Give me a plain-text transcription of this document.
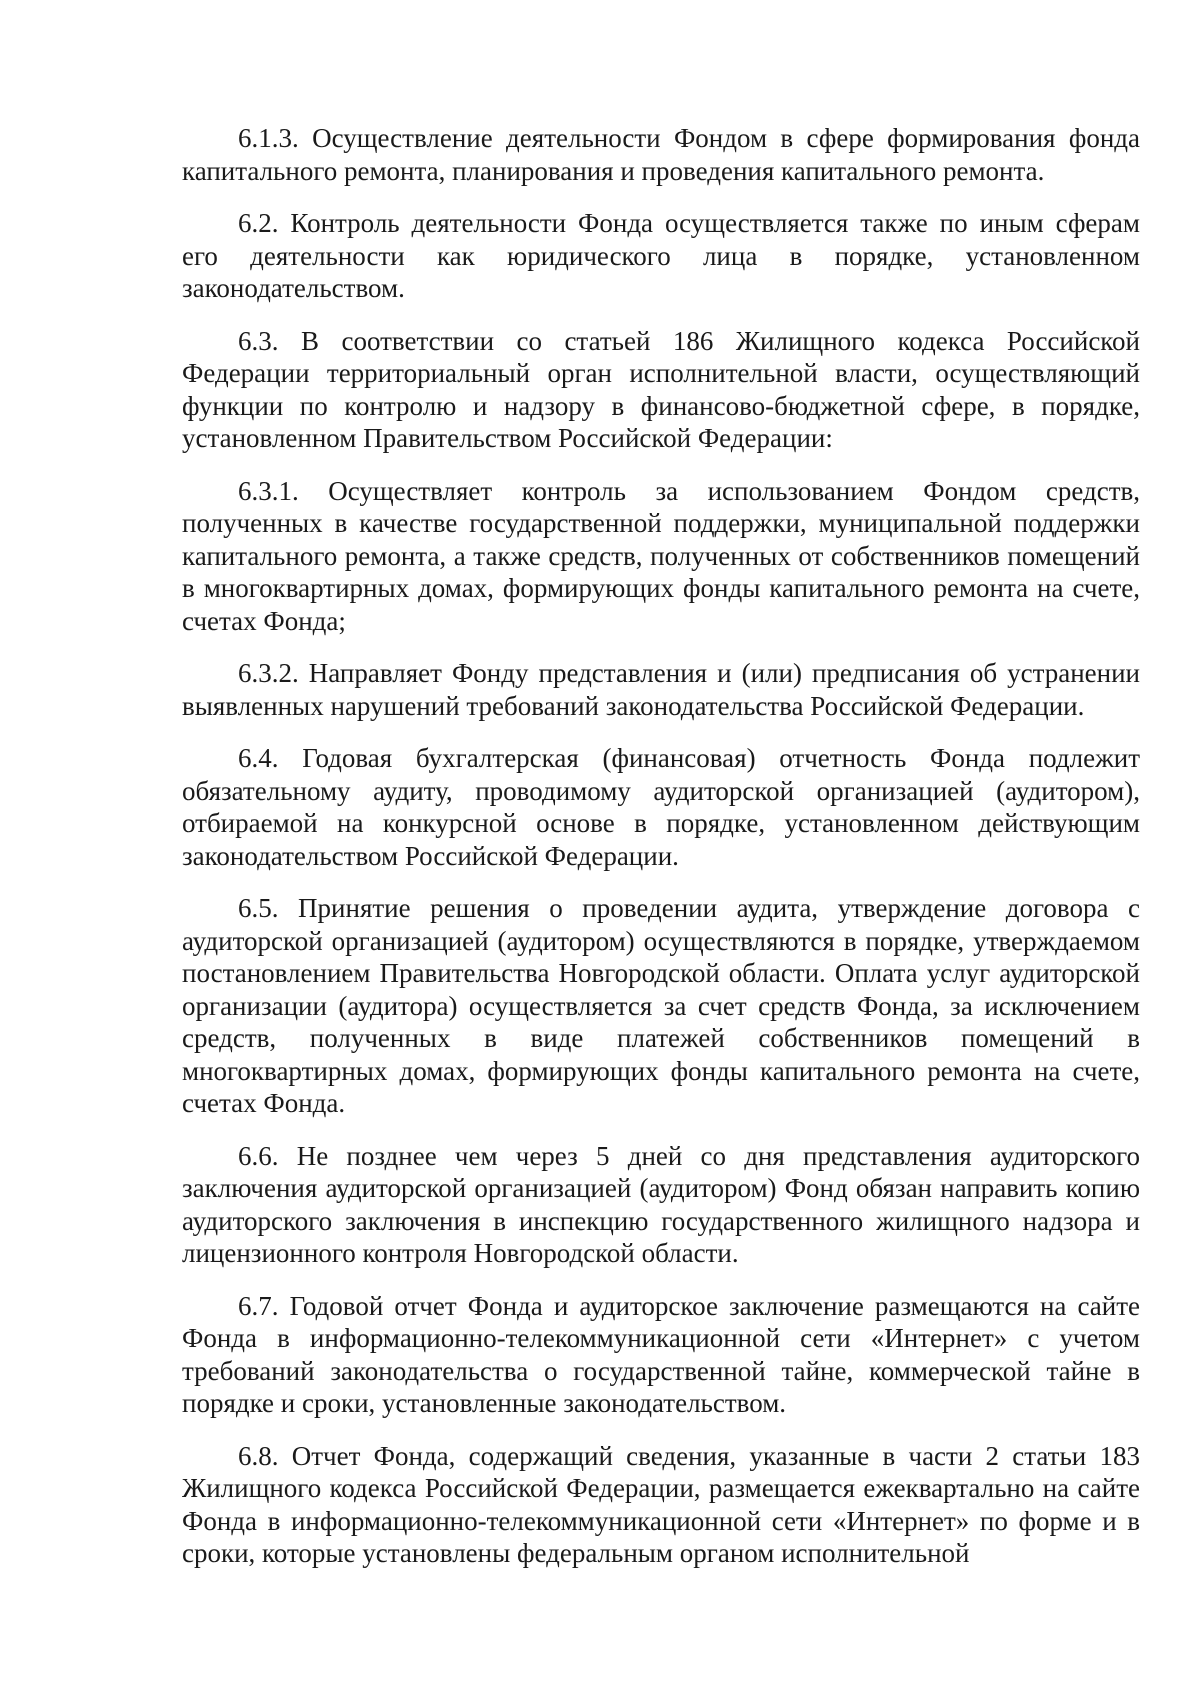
6.1.3. Осуществление деятельности Фондом в сфере формирования фонда капитального ремонта, планирования и проведения капитального ремонта.

6.2. Контроль деятельности Фонда осуществляется также по иным сферам его деятельности как юридического лица в порядке, установленном законодательством.

6.3. В соответствии со статьей 186 Жилищного кодекса Российской Федерации территориальный орган исполнительной власти, осуществляющий функции по контролю и надзору в финансово-бюджетной сфере, в порядке, установленном Правительством Российской Федерации:

6.3.1. Осуществляет контроль за использованием Фондом средств, полученных в качестве государственной поддержки, муниципальной поддержки капитального ремонта, а также средств, полученных от собственников помещений в многоквартирных домах, формирующих фонды капитального ремонта на счете, счетах Фонда;

6.3.2. Направляет Фонду представления и (или) предписания об устранении выявленных нарушений требований законодательства Российской Федерации.

6.4. Годовая бухгалтерская (финансовая) отчетность Фонда подлежит обязательному аудиту, проводимому аудиторской организацией (аудитором), отбираемой на конкурсной основе в порядке, установленном действующим законодательством Российской Федерации.

6.5. Принятие решения о проведении аудита, утверждение договора с аудиторской организацией (аудитором) осуществляются в порядке, утверждаемом постановлением Правительства Новгородской области. Оплата услуг аудиторской организации (аудитора) осуществляется за счет средств Фонда, за исключением средств, полученных в виде платежей собственников помещений в многоквартирных домах, формирующих фонды капитального ремонта на счете, счетах Фонда.

6.6. Не позднее чем через 5 дней со дня представления аудиторского заключения аудиторской организацией (аудитором) Фонд обязан направить копию аудиторского заключения в инспекцию государственного жилищного надзора и лицензионного контроля Новгородской области.

6.7. Годовой отчет Фонда и аудиторское заключение размещаются на сайте Фонда в информационно-телекоммуникационной сети «Интернет» с учетом требований законодательства о государственной тайне, коммерческой тайне в порядке и сроки, установленные законодательством.

6.8. Отчет Фонда, содержащий сведения, указанные в части 2 статьи 183 Жилищного кодекса Российской Федерации, размещается ежеквартально на сайте Фонда в информационно-телекоммуникационной сети «Интернет» по форме и в сроки, которые установлены федеральным органом исполнительной
